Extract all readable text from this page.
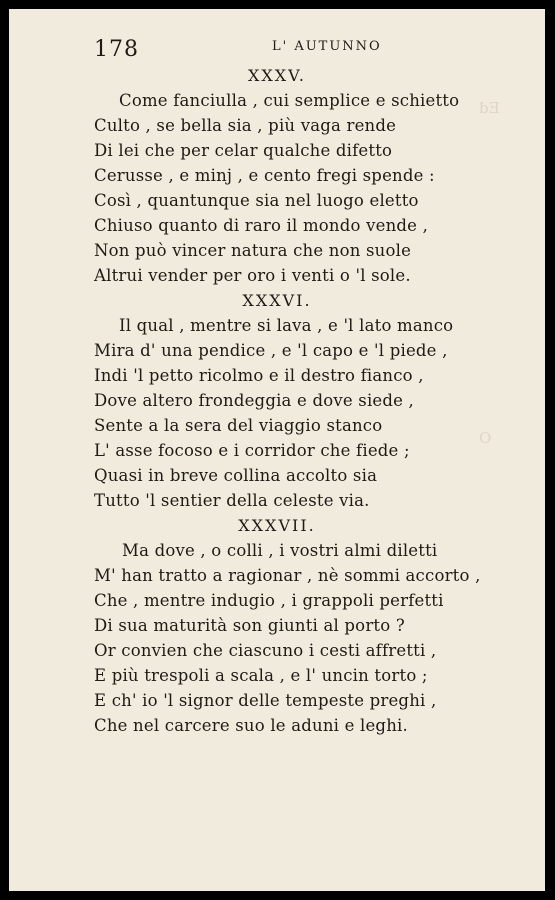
Ed
O
178	L' AUTUNNO
XXXV.
Come fanciulla , cui semplice e schietto
Culto , se bella sia , più vaga rende
Di lei che per celar qualche difetto
Cerusse , e minj , e cento fregi spende :
Così , quantunque sia nel luogo eletto
Chiuso quanto di raro il mondo vende ,
Non può vincer natura che non suole
Altrui vender per oro i venti o 'l sole.
XXXVI.
Il qual , mentre si lava , e 'l lato manco
Mira d' una pendice , e 'l capo e 'l piede ,
Indi 'l petto ricolmo e il destro fianco ,
Dove altero frondeggia e dove siede ,
Sente a la sera del viaggio stanco
L' asse focoso e i corridor che fiede ;
Quasi in breve collina accolto sia
Tutto 'l sentier della celeste via.
XXXVII.
Ma dove , o colli , i vostri almi diletti
M' han tratto a ragionar , nè sommi accorto ,
Che , mentre indugio , i grappoli perfetti
Di sua maturità son giunti al porto ?
Or convien che ciascuno i cesti affretti ,
E più trespoli a scala , e l' uncin torto ;
E ch' io 'l signor delle tempeste preghi ,
Che nel carcere suo le aduni e leghi.
